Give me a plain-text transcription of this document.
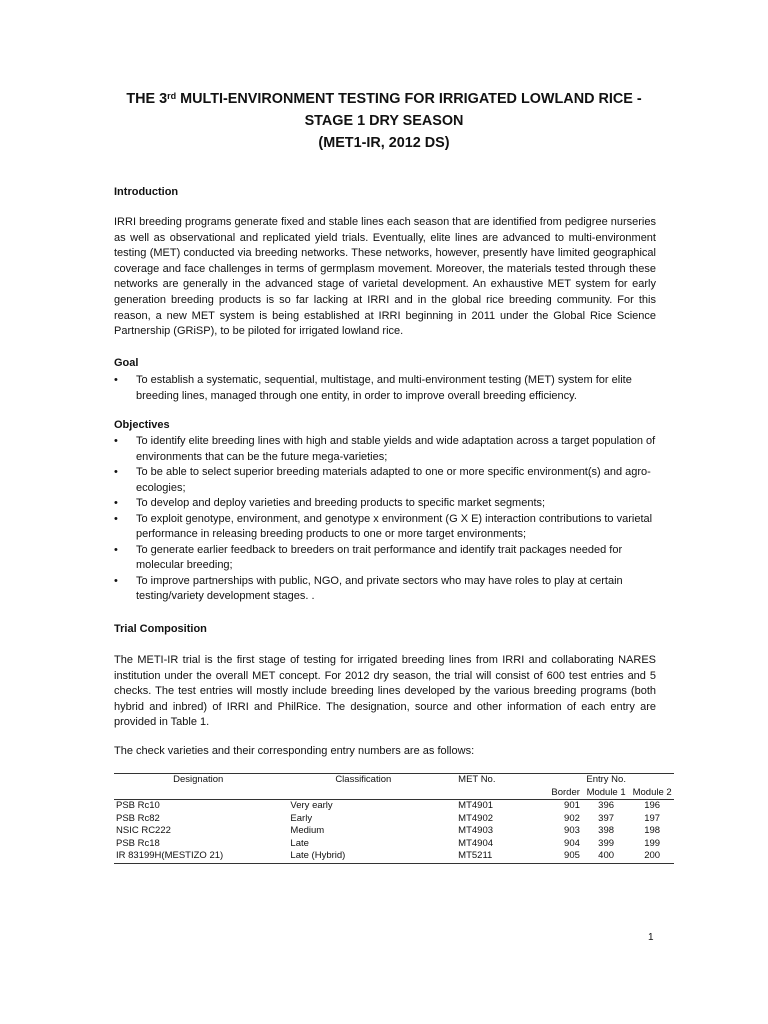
THE 3rd MULTI-ENVIRONMENT TESTING FOR IRRIGATED LOWLAND RICE -
STAGE 1 DRY SEASON
(MET1-IR, 2012 DS)
Introduction
IRRI breeding programs generate fixed and stable lines each season that are identified from pedigree nurseries as well as observational and replicated yield trials. Eventually, elite lines are advanced to multi-environment testing (MET) conducted via breeding networks. These networks, however, presently have limited geographical coverage and face challenges in terms of germplasm movement. Moreover, the materials tested through these networks are generally in the advanced stage of varietal development. An exhaustive MET system for early generation breeding products is so far lacking at IRRI and in the global rice breeding community. For this reason, a new MET system is being established at IRRI beginning in 2011 under the Global Rice Science Partnership (GRiSP), to be piloted for irrigated lowland rice.
Goal
• To establish a systematic, sequential, multistage, and multi-environment testing (MET) system for elite breeding lines, managed through one entity, in order to improve overall breeding efficiency.
Objectives
• To identify elite breeding lines with high and stable yields and wide adaptation across a target population of environments that can be the future mega-varieties;
• To be able to select superior breeding materials adapted to one or more specific environment(s) and agro-ecologies;
• To develop and deploy varieties and breeding products to specific market segments;
• To exploit genotype, environment, and genotype x environment (G X E) interaction contributions to varietal performance in releasing breeding products to one or more target environments;
• To generate earlier feedback to breeders on trait performance and identify trait packages needed for molecular breeding;
• To improve partnerships with public, NGO, and private sectors who may have roles to play at certain testing/variety development stages. .
Trial Composition
The METI-IR trial is the first stage of testing for irrigated breeding lines from IRRI and collaborating NARES institution under the overall MET concept. For 2012 dry season, the trial will consist of 600 test entries and 5 checks. The test entries will mostly include breeding lines developed by the various breeding programs (both hybrid and inbred) of IRRI and PhilRice. The designation, source and other information of each entry are provided in Table 1.
The check varieties and their corresponding entry numbers are as follows:
Designation	Classification	MET No.	Entry No.		
			Border	Module 1	Module 2
PSB Rc10	Very early	MT4901	901	396	196
PSB Rc82	Early	MT4902	902	397	197
NSIC RC222	Medium	MT4903	903	398	198
PSB Rc18	Late	MT4904	904	399	199
IR 83199H(MESTIZO 21)	Late (Hybrid)	MT5211	905	400	200
1
